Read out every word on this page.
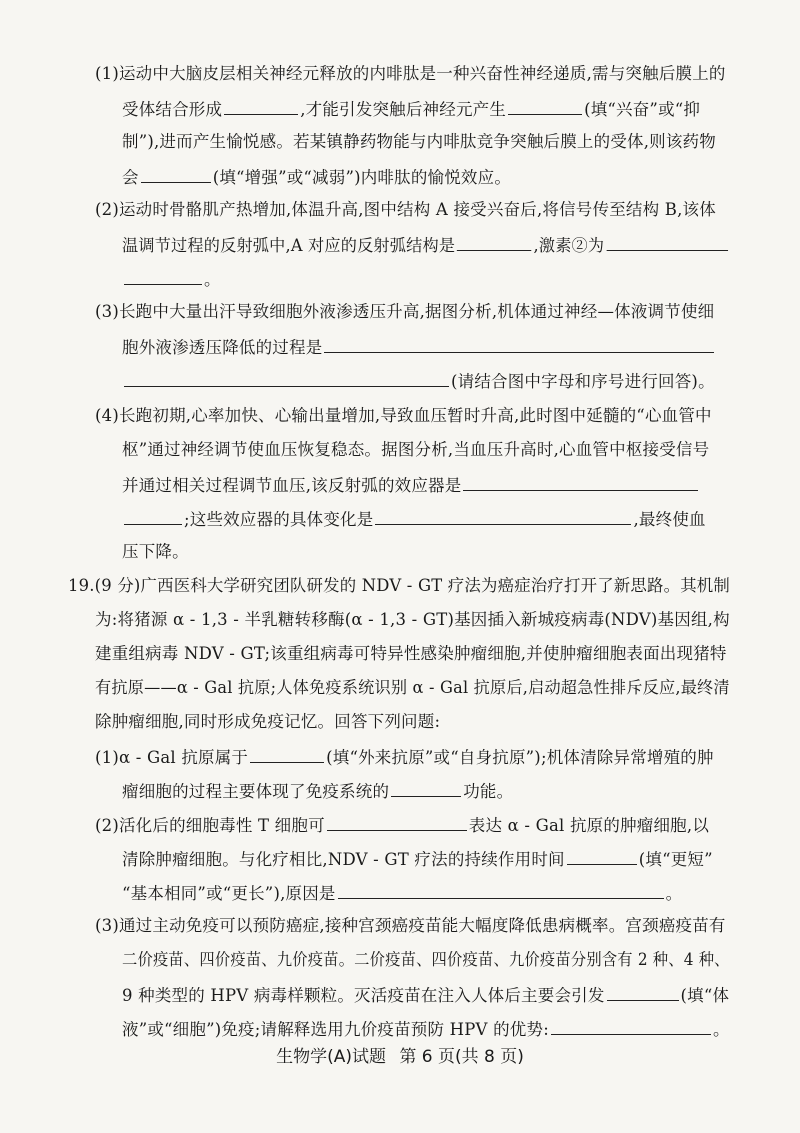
(1)运动中大脑皮层相关神经元释放的内啡肽是一种兴奋性神经递质,需与突触后膜上的
受体结合形成	,才能引发突触后神经元产生	(填“兴奋”或“抑
制”),进而产生愉悦感。若某镇静药物能与内啡肽竞争突触后膜上的受体,则该药物
会	(填“增强”或“减弱”)内啡肽的愉悦效应。
(2)运动时骨骼肌产热增加,体温升高,图中结构 A 接受兴奋后,将信号传至结构 B,该体
温调节过程的反射弧中,A 对应的反射弧结构是	,激素②为
。
(3)长跑中大量出汗导致细胞外液渗透压升高,据图分析,机体通过神经—体液调节使细
胞外液渗透压降低的过程是
(请结合图中字母和序号进行回答)。
(4)长跑初期,心率加快、心输出量增加,导致血压暂时升高,此时图中延髓的“心血管中
枢”通过神经调节使血压恢复稳态。据图分析,当血压升高时,心血管中枢接受信号
并通过相关过程调节血压,该反射弧的效应器是
;这些效应器的具体变化是	,最终使血
压下降。
19.(9 分)广西医科大学研究团队研发的 NDV - GT 疗法为癌症治疗打开了新思路。其机制
为:将猪源 α - 1,3 - 半乳糖转移酶(α - 1,3 - GT)基因插入新城疫病毒(NDV)基因组,构
建重组病毒 NDV - GT;该重组病毒可特异性感染肿瘤细胞,并使肿瘤细胞表面出现猪特
有抗原——α - Gal 抗原;人体免疫系统识别 α - Gal 抗原后,启动超急性排斥反应,最终清
除肿瘤细胞,同时形成免疫记忆。回答下列问题:
(1)α - Gal 抗原属于	(填“外来抗原”或“自身抗原”);机体清除异常增殖的肿
瘤细胞的过程主要体现了免疫系统的	功能。
(2)活化后的细胞毒性 T 细胞可	表达 α - Gal 抗原的肿瘤细胞,以
清除肿瘤细胞。与化疗相比,NDV - GT 疗法的持续作用时间	(填“更短”
“基本相同”或“更长”),原因是	。
(3)通过主动免疫可以预防癌症,接种宫颈癌疫苗能大幅度降低患病概率。宫颈癌疫苗有
二价疫苗、四价疫苗、九价疫苗。二价疫苗、四价疫苗、九价疫苗分别含有 2 种、4 种、
9 种类型的 HPV 病毒样颗粒。灭活疫苗在注入人体后主要会引发	(填“体
液”或“细胞”)免疫;请解释选用九价疫苗预防 HPV 的优势:	。
生物学(A)试题 第 6 页(共 8 页)
